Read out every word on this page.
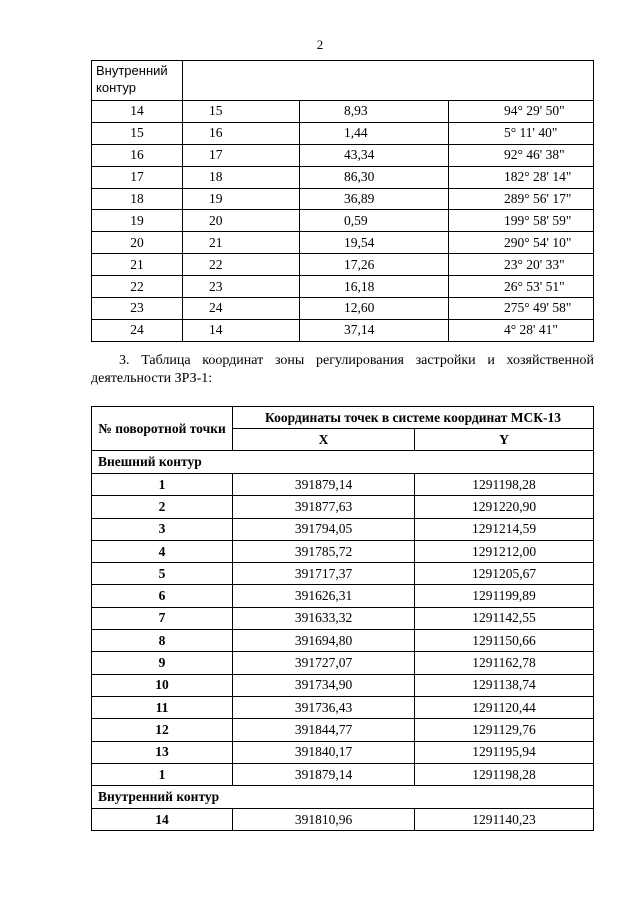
2
Внутренний контур			
14	15	8,93	94° 29' 50"
15	16	1,44	5° 11' 40"
16	17	43,34	92° 46' 38"
17	18	86,30	182° 28' 14"
18	19	36,89	289° 56' 17"
19	20	0,59	199° 58' 59"
20	21	19,54	290° 54' 10"
21	22	17,26	23° 20' 33"
22	23	16,18	26° 53' 51"
23	24	12,60	275° 49' 58"
24	14	37,14	4° 28' 41"
3. Таблица координат зоны регулирования застройки и хозяйственной
деятельности ЗРЗ-1:
№ поворотной точки	Координаты точек в системе координат МСК-13	
	X	Y
Внешний контур		
1	391879,14	1291198,28
2	391877,63	1291220,90
3	391794,05	1291214,59
4	391785,72	1291212,00
5	391717,37	1291205,67
6	391626,31	1291199,89
7	391633,32	1291142,55
8	391694,80	1291150,66
9	391727,07	1291162,78
10	391734,90	1291138,74
11	391736,43	1291120,44
12	391844,77	1291129,76
13	391840,17	1291195,94
1	391879,14	1291198,28
Внутренний контур		
14	391810,96	1291140,23
